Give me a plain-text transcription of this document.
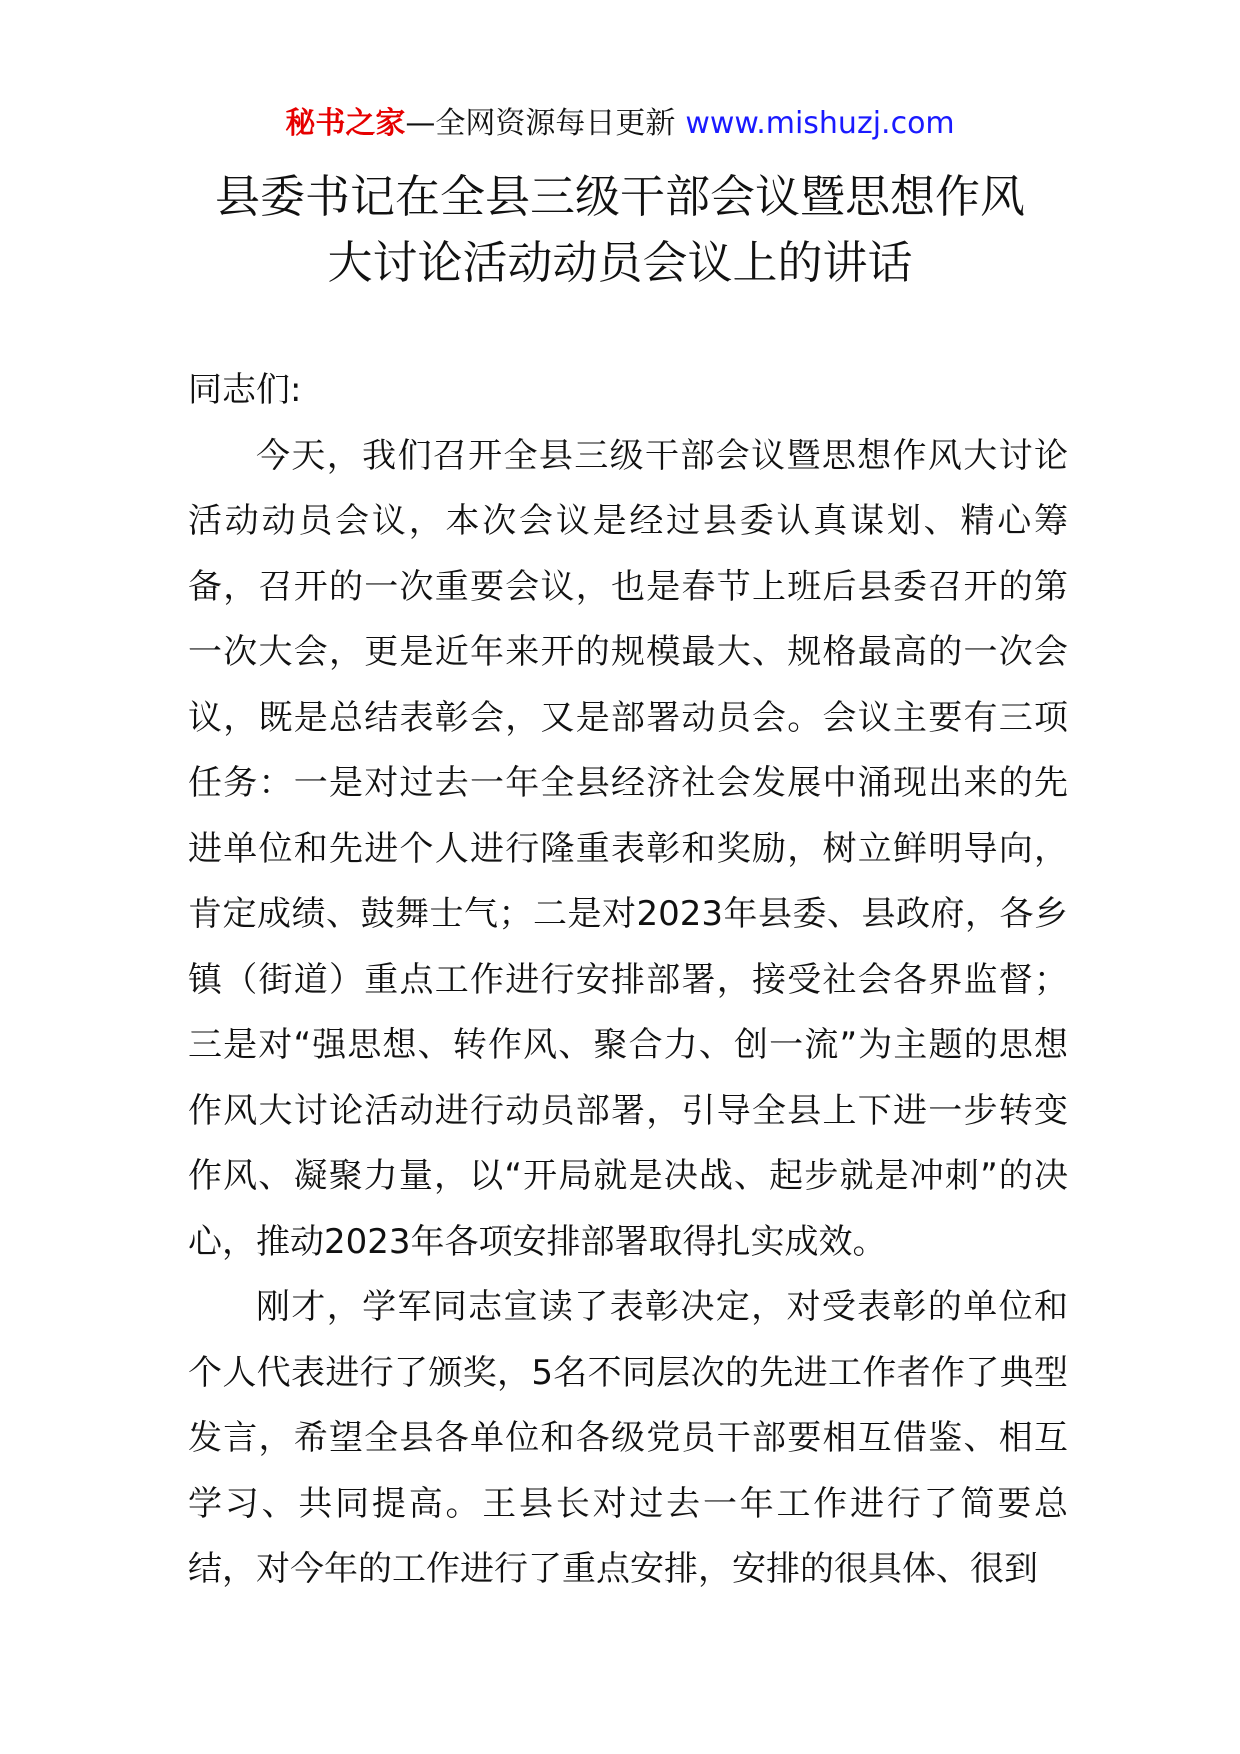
秘书之家—全网资源每日更新 www.mishuzj.com
县委书记在全县三级干部会议暨思想作风
大讨论活动动员会议上的讲话

同志们:

今天，我们召开全县三级干部会议暨思想作风大讨论活动动员会议，本次会议是经过县委认真谋划、精心筹备，召开的一次重要会议，也是春节上班后县委召开的第一次大会，更是近年来开的规模最大、规格最高的一次会议，既是总结表彰会，又是部署动员会。会议主要有三项任务：一是对过去一年全县经济社会发展中涌现出来的先进单位和先进个人进行隆重表彰和奖励，树立鲜明导向，肯定成绩、鼓舞士气；二是对2023年县委、县政府，各乡镇（街道）重点工作进行安排部署，接受社会各界监督；三是对“强思想、转作风、聚合力、创一流”为主题的思想作风大讨论活动进行动员部署，引导全县上下进一步转变作风、凝聚力量，以“开局就是决战、起步就是冲刺”的决心，推动2023年各项安排部署取得扎实成效。

刚才，学军同志宣读了表彰决定，对受表彰的单位和个人代表进行了颁奖，5名不同层次的先进工作者作了典型发言，希望全县各单位和各级党员干部要相互借鉴、相互学习、共同提高。王县长对过去一年工作进行了简要总结，对今年的工作进行了重点安排，安排的很具体、很到
